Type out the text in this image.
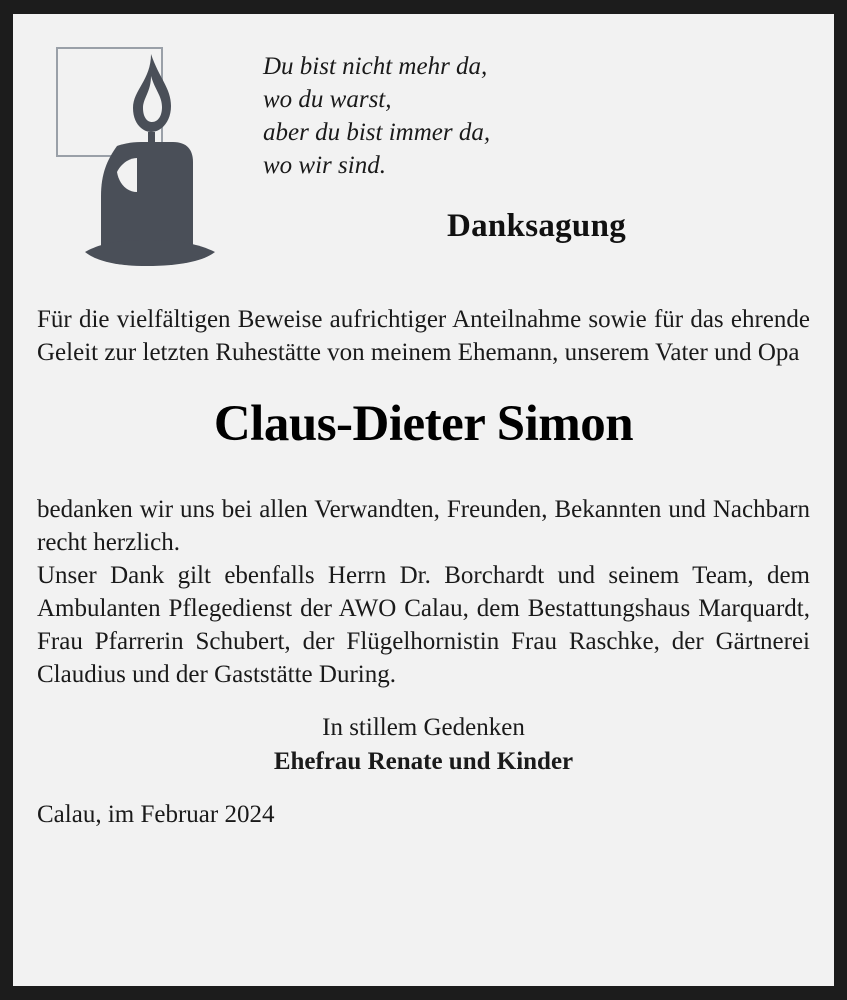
Du bist nicht mehr da,
wo du warst,
aber du bist immer da,
wo wir sind.
Danksagung
Für die vielfältigen Beweise aufrichtiger Anteilnahme sowie für das ehrende Geleit zur letzten Ruhestätte von meinem Ehemann, unserem Vater und Opa
Claus-Dieter Simon

bedanken wir uns bei allen Verwandten, Freunden, Bekannten und Nachbarn recht herzlich.

Unser Dank gilt ebenfalls Herrn Dr. Borchardt und seinem Team, dem Ambulanten Pflegedienst der AWO Calau, dem Bestattungshaus Marquardt, Frau Pfarrerin Schubert, der Flügelhornistin Frau Raschke, der Gärtnerei Claudius und der Gaststätte During.

In stillem Gedenken
Ehefrau Renate und Kinder
Calau, im Februar 2024
